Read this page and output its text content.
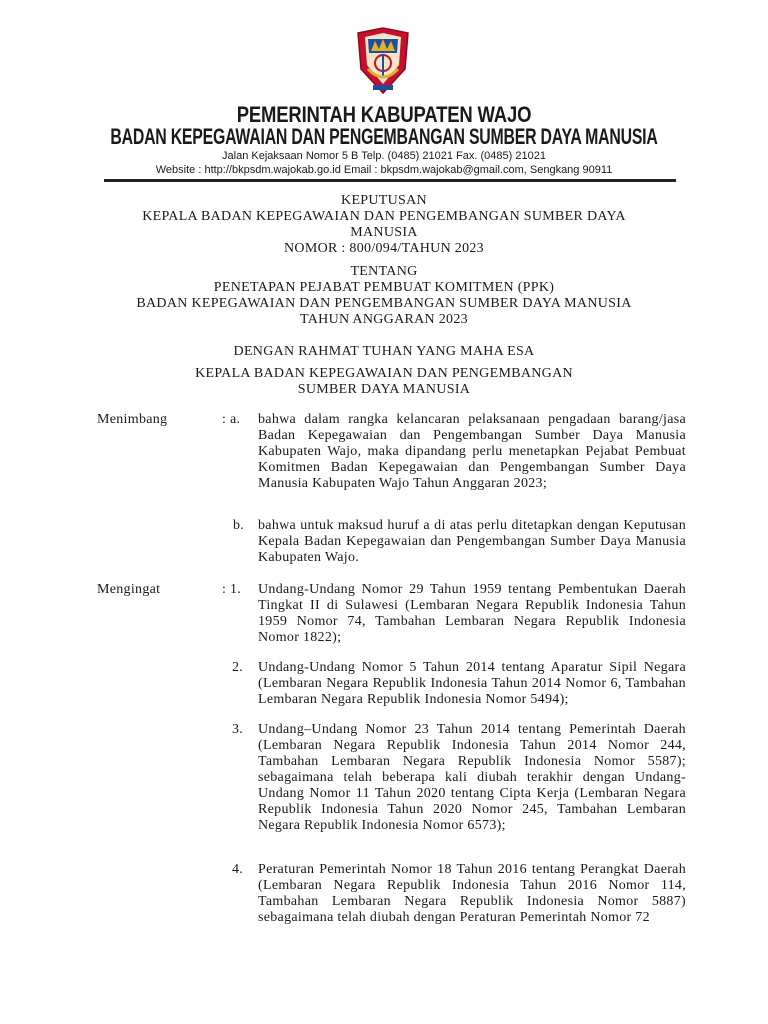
PEMERINTAH KABUPATEN WAJO

BADAN KEPEGAWAIAN DAN PENGEMBANGAN SUMBER DAYA MANUSIA

Jalan Kejaksaan Nomor 5 B Telp. (0485) 21021 Fax. (0485) 21021

Website : http://bkpsdm.wajokab.go.id Email : bkpsdm.wajokab@gmail.com, Sengkang 90911

KEPUTUSAN

KEPALA BADAN KEPEGAWAIAN DAN PENGEMBANGAN SUMBER DAYA

MANUSIA

NOMOR : 800/094/TAHUN 2023

TENTANG

PENETAPAN PEJABAT PEMBUAT KOMITMEN (PPK)

BADAN KEPEGAWAIAN DAN PENGEMBANGAN SUMBER DAYA MANUSIA

TAHUN ANGGARAN 2023

DENGAN RAHMAT TUHAN YANG MAHA ESA

KEPALA BADAN KEPEGAWAIAN DAN PENGEMBANGAN

SUMBER DAYA MANUSIA

Menimbang	: a. bahwa dalam rangka kelancaran pelaksanaan pengadaan barang/jasa Badan Kepegawaian dan Pengembangan Sumber Daya Manusia Kabupaten Wajo, maka dipandang perlu menetapkan Pejabat Pembuat Komitmen Badan Kepegawaian dan Pengembangan Sumber Daya Manusia Kabupaten Wajo Tahun Anggaran 2023;

b. bahwa untuk maksud huruf a di atas perlu ditetapkan dengan Keputusan Kepala Badan Kepegawaian dan Pengembangan Sumber Daya Manusia Kabupaten Wajo.

Mengingat	: 1. Undang-Undang Nomor 29 Tahun 1959 tentang Pembentukan Daerah Tingkat II di Sulawesi (Lembaran Negara Republik Indonesia Tahun 1959 Nomor 74, Tambahan Lembaran Negara Republik Indonesia Nomor 1822);

2. Undang-Undang Nomor 5 Tahun 2014 tentang Aparatur Sipil Negara (Lembaran Negara Republik Indonesia Tahun 2014 Nomor 6, Tambahan Lembaran Negara Republik Indonesia Nomor 5494);

3. Undang–Undang Nomor 23 Tahun 2014 tentang Pemerintah Daerah (Lembaran Negara Republik Indonesia Tahun 2014 Nomor 244, Tambahan Lembaran Negara Republik Indonesia Nomor 5587); sebagaimana telah beberapa kali diubah terakhir dengan Undang-Undang Nomor 11 Tahun 2020 tentang Cipta Kerja (Lembaran Negara Republik Indonesia Tahun 2020 Nomor 245, Tambahan Lembaran Negara Republik Indonesia Nomor 6573);

4. Peraturan Pemerintah Nomor 18 Tahun 2016 tentang Perangkat Daerah (Lembaran Negara Republik Indonesia Tahun 2016 Nomor 114, Tambahan Lembaran Negara Republik Indonesia Nomor 5887) sebagaimana telah diubah dengan Peraturan Pemerintah Nomor 72
